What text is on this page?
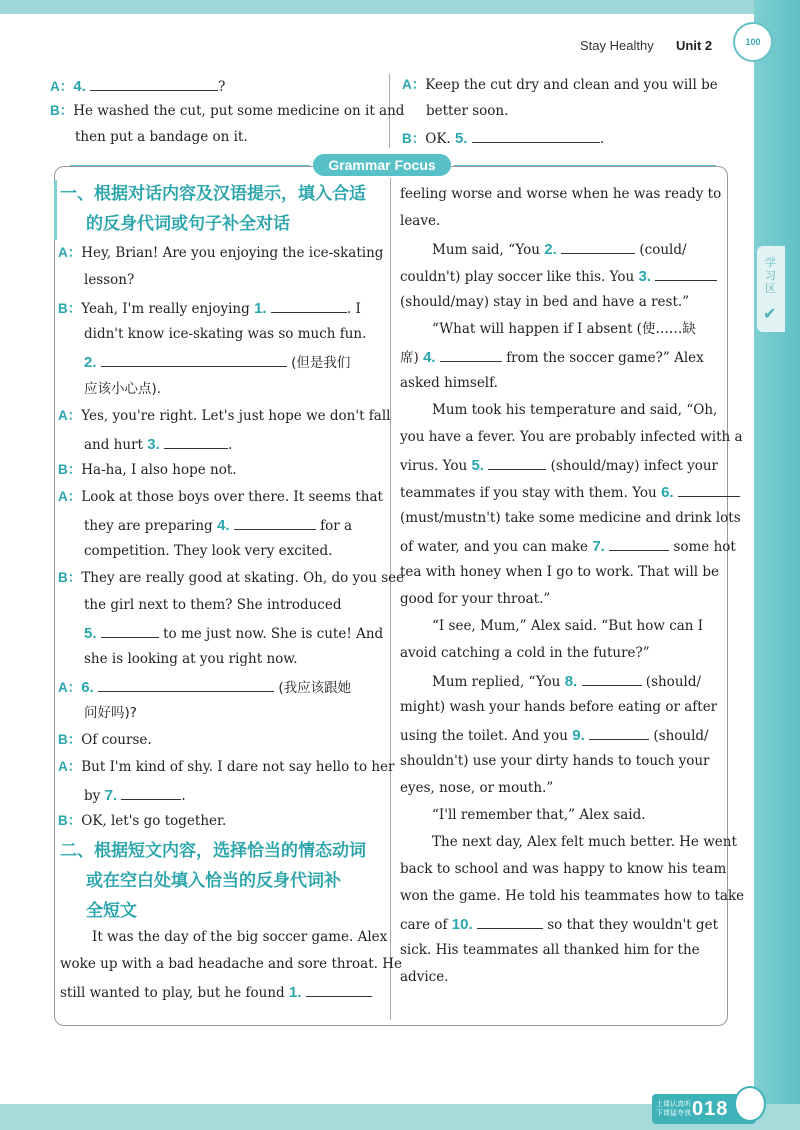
Stay Healthy Unit 2	100
学习区
✔
A：4.	?
B：He washed the cut, put some medicine on it and
then put a bandage on it.
A：Keep the cut dry and clean and you will be
better soon.
B：OK. 5.	.
Grammar Focus
一、根据对话内容及汉语提示，填入合适
的反身代词或句子补全对话
A：Hey, Brian! Are you enjoying the ice-skating
lesson?
B：Yeah, I'm really enjoying 1.	. I
didn't know ice-skating was so much fun.
2.	(但是我们
应该小心点).
A：Yes, you're right. Let's just hope we don't fall
and hurt 3.	.
B：Ha-ha, I also hope not.
A：Look at those boys over there. It seems that
they are preparing 4.	for a
competition. They look very excited.
B：They are really good at skating. Oh, do you see
the girl next to them? She introduced
5.	to me just now. She is cute! And
she is looking at you right now.
A：6.	(我应该跟她
问好吗)?
B：Of course.
A：But I'm kind of shy. I dare not say hello to her
by 7.	.
B：OK, let's go together.
二、根据短文内容，选择恰当的情态动词
或在空白处填入恰当的反身代词补
全短文
It was the day of the big soccer game. Alex
woke up with a bad headache and sore throat. He
still wanted to play, but he found 1.
feeling worse and worse when he was ready to
leave.
Mum said, “You 2.	(could/
couldn't) play soccer like this. You 3.
(should/may) stay in bed and have a rest.”
“What will happen if I absent (使……缺
席) 4.	from the soccer game?” Alex
asked himself.
Mum took his temperature and said, “Oh,
you have a fever. You are probably infected with a
virus. You 5.	(should/may) infect your
teammates if you stay with them. You 6.
(must/mustn't) take some medicine and drink lots
of water, and you can make 7.	some hot
tea with honey when I go to work. That will be
good for your throat.”
“I see, Mum,” Alex said. “But how can I
avoid catching a cold in the future?”
Mum replied, “You 8.	(should/
might) wash your hands before eating or after
using the toilet. And you 9.	(should/
shouldn't) use your dirty hands to touch your
eyes, nose, or mouth.”
“I'll remember that,” Alex said.
The next day, Alex felt much better. He went
back to school and was happy to know his team
won the game. He told his teammates how to take
care of 10.	so that they wouldn't get
sick. His teammates all thanked him for the
advice.
上课认真听
下课猛夸我 018
